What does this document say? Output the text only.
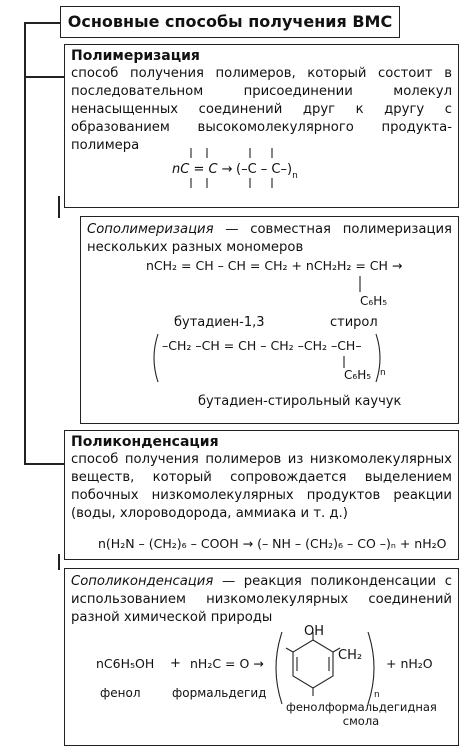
Основные способы получения ВМС
Полимеризация
способ получения полимеров, который состоит в последовательном присоединении молекул ненасыщенных соединений друг к другу с образованием высокомолекулярного продукта-полимера
nC = $C \to (-C - C-)_n$
Сополимеризация — совместная полимеризация нескольких разных мономеров
nCH₂ = CH – CH = CH₂ + nCH₂H₂ = CH →
C₆H₅
бутадиен-1,3	стирол
–CH₂ –CH = CH – CH₂ –CH₂ –CH–
C₆H₅ n
бутадиен-стирольный каучук
Поликонденсация
способ получения полимеров из низкомолекулярных веществ, который сопровождается выделением побочных низкомолекулярных продуктов реакции (воды, хлороводорода, аммиака и т. д.)
n(H₂N – (CH₂)₆ – COOH → (– NH – (CH₂)₆ – CO –)ₙ + nH₂O
Сополиконденсация — реакция поликонденсации с использованием низкомолекулярных соединений разной химической природы
nC6H₅OH + nH₂C = O →
OH
CH₂
n
+ nH₂O
фенол	формальдегид
фенолформальдегидная смола
